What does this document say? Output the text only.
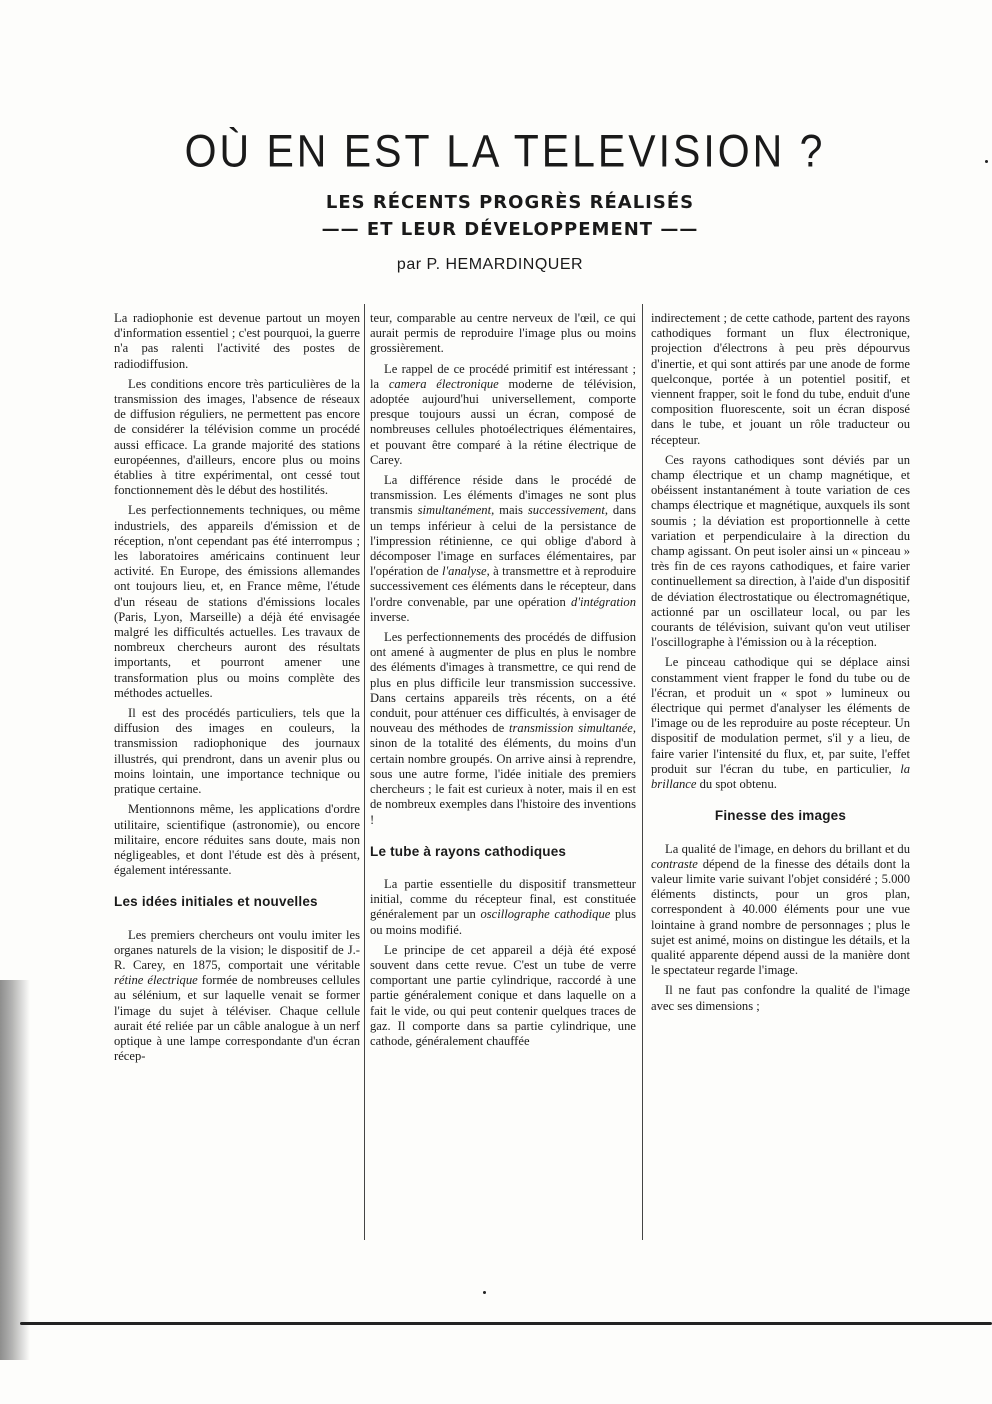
OÙ EN EST LA TELEVISION ?
LES RÉCENTS PROGRÈS RÉALISÉS
—— ET LEUR DÉVELOPPEMENT ——
par P. HEMARDINQUER

La radiophonie est devenue partout un moyen d'information essentiel ; c'est pourquoi, la guerre n'a pas ralenti l'activité des postes de radiodiffusion.

Les conditions encore très particulières de la transmission des images, l'absence de réseaux de diffusion réguliers, ne permettent pas encore de considérer la télévision comme un procédé aussi efficace. La grande majorité des stations européennes, d'ailleurs, encore plus ou moins établies à titre expérimental, ont cessé tout fonctionnement dès le début des hostilités.

Les perfectionnements techniques, ou même industriels, des appareils d'émission et de réception, n'ont cependant pas été interrompus ; les laboratoires américains continuent leur activité. En Europe, des émissions allemandes ont toujours lieu, et, en France même, l'étude d'un réseau de stations d'émissions locales (Paris, Lyon, Marseille) a déjà été envisagée malgré les difficultés actuelles. Les travaux de nombreux chercheurs auront des résultats importants, et pourront amener une transformation plus ou moins complète des méthodes actuelles.

Il est des procédés particuliers, tels que la diffusion des images en couleurs, la transmission radiophonique des journaux illustrés, qui prendront, dans un avenir plus ou moins lointain, une importance technique ou pratique certaine.

Mentionnons même, les applications d'ordre utilitaire, scientifique (astronomie), ou encore militaire, encore réduites sans doute, mais non négligeables, et dont l'étude est dès à présent, également intéressante.

Les idées initiales et nouvelles

Les premiers chercheurs ont voulu imiter les organes naturels de la vision; le dispositif de J.-R. Carey, en 1875, comportait une véritable rétine électrique formée de nombreuses cellules au sélénium, et sur laquelle venait se former l'image du sujet à téléviser. Chaque cellule aurait été reliée par un câble analogue à un nerf optique à une lampe correspondante d'un écran récep-

teur, comparable au centre nerveux de l'œil, ce qui aurait permis de reproduire l'image plus ou moins grossièrement.

Le rappel de ce procédé primitif est intéressant ; la camera électronique moderne de télévision, adoptée aujourd'hui universellement, comporte presque toujours aussi un écran, composé de nombreuses cellules photoélectriques élémentaires, et pouvant être comparé à la rétine électrique de Carey.

La différence réside dans le procédé de transmission. Les éléments d'images ne sont plus transmis simultanément, mais successivement, dans un temps inférieur à celui de la persistance de l'impression rétinienne, ce qui oblige d'abord à décomposer l'image en surfaces élémentaires, par l'opération de l'analyse, à transmettre et à reproduire successivement ces éléments dans le récepteur, dans l'ordre convenable, par une opération d'intégration inverse.

Les perfectionnements des procédés de diffusion ont amené à augmenter de plus en plus le nombre des éléments d'images à transmettre, ce qui rend de plus en plus difficile leur transmission successive. Dans certains appareils très récents, on a été conduit, pour atténuer ces difficultés, à envisager de nouveau des méthodes de transmission simultanée, sinon de la totalité des éléments, du moins d'un certain nombre groupés. On arrive ainsi à reprendre, sous une autre forme, l'idée initiale des premiers chercheurs ; le fait est curieux à noter, mais il en est de nombreux exemples dans l'histoire des inventions !

Le tube à rayons cathodiques

La partie essentielle du dispositif transmetteur initial, comme du récepteur final, est constituée généralement par un oscillographe cathodique plus ou moins modifié.

Le principe de cet appareil a déjà été exposé souvent dans cette revue. C'est un tube de verre comportant une partie cylindrique, raccordé à une partie généralement conique et dans laquelle on a fait le vide, ou qui peut contenir quelques traces de gaz. Il comporte dans sa partie cylindrique, une cathode, généralement chauffée

indirectement ; de cette cathode, partent des rayons cathodiques formant un flux électronique, projection d'électrons à peu près dépourvus d'inertie, et qui sont attirés par une anode de forme quelconque, portée à un potentiel positif, et viennent frapper, soit le fond du tube, enduit d'une composition fluorescente, soit un écran disposé dans le tube, et jouant un rôle traducteur ou récepteur.

Ces rayons cathodiques sont déviés par un champ électrique et un champ magnétique, et obéissent instantanément à toute variation de ces champs électrique et magnétique, auxquels ils sont soumis ; la déviation est proportionnelle à cette variation et perpendiculaire à la direction du champ agissant. On peut isoler ainsi un « pinceau » très fin de ces rayons cathodiques, et faire varier continuellement sa direction, à l'aide d'un dispositif de déviation électrostatique ou électromagnétique, actionné par un oscillateur local, ou par les courants de télévision, suivant qu'on veut utiliser l'oscillographe à l'émission ou à la réception.

Le pinceau cathodique qui se déplace ainsi constamment vient frapper le fond du tube ou de l'écran, et produit un « spot » lumineux ou électrique qui permet d'analyser les éléments de l'image ou de les reproduire au poste récepteur. Un dispositif de modulation permet, s'il y a lieu, de faire varier l'intensité du flux, et, par suite, l'effet produit sur l'écran du tube, en particulier, la brillance du spot obtenu.

Finesse des images

La qualité de l'image, en dehors du brillant et du contraste dépend de la finesse des détails dont la valeur limite varie suivant l'objet considéré ; 5.000 éléments distincts, pour un gros plan, correspondent à 40.000 éléments pour une vue lointaine à grand nombre de personnages ; plus le sujet est animé, moins on distingue les détails, et la qualité apparente dépend aussi de la manière dont le spectateur regarde l'image.

Il ne faut pas confondre la qualité de l'image avec ses dimensions ;
